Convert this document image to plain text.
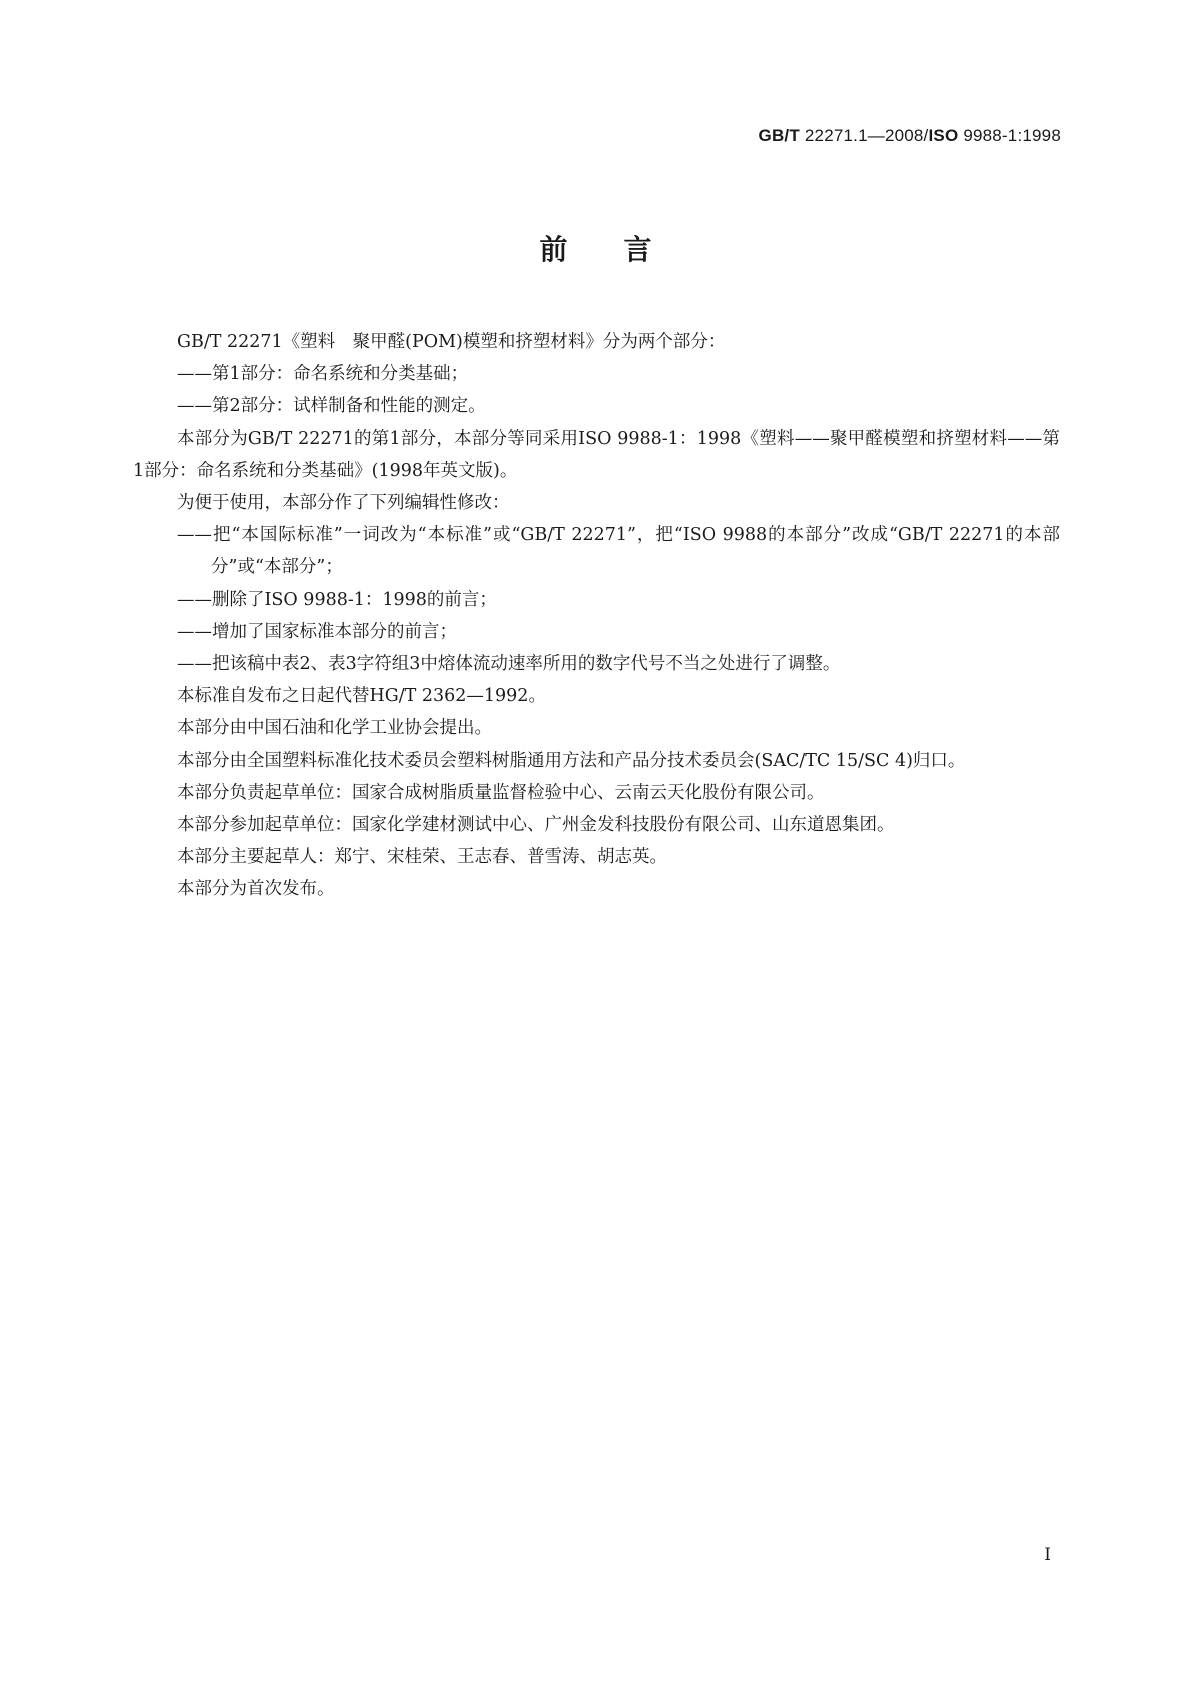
GB/T 22271.1—2008/ISO 9988-1:1998
前言

GB/T 22271《塑料　聚甲醛(POM)模塑和挤塑材料》分为两个部分：

——第1部分：命名系统和分类基础；

——第2部分：试样制备和性能的测定。

本部分为GB/T 22271的第1部分，本部分等同采用ISO 9988-1：1998《塑料——聚甲醛模塑和挤塑材料——第1部分：命名系统和分类基础》(1998年英文版)。

为便于使用，本部分作了下列编辑性修改：

——把“本国际标准”一词改为“本标准”或“GB/T 22271”，把“ISO 9988的本部分”改成“GB/T 22271的本部分”或“本部分”；

——删除了ISO 9988-1：1998的前言；

——增加了国家标准本部分的前言；

——把该稿中表2、表3字符组3中熔体流动速率所用的数字代号不当之处进行了调整。

本标准自发布之日起代替HG/T 2362—1992。

本部分由中国石油和化学工业协会提出。

本部分由全国塑料标准化技术委员会塑料树脂通用方法和产品分技术委员会(SAC/TC 15/SC 4)归口。

本部分负责起草单位：国家合成树脂质量监督检验中心、云南云天化股份有限公司。

本部分参加起草单位：国家化学建材测试中心、广州金发科技股份有限公司、山东道恩集团。

本部分主要起草人：郑宁、宋桂荣、王志春、普雪涛、胡志英。

本部分为首次发布。

I
